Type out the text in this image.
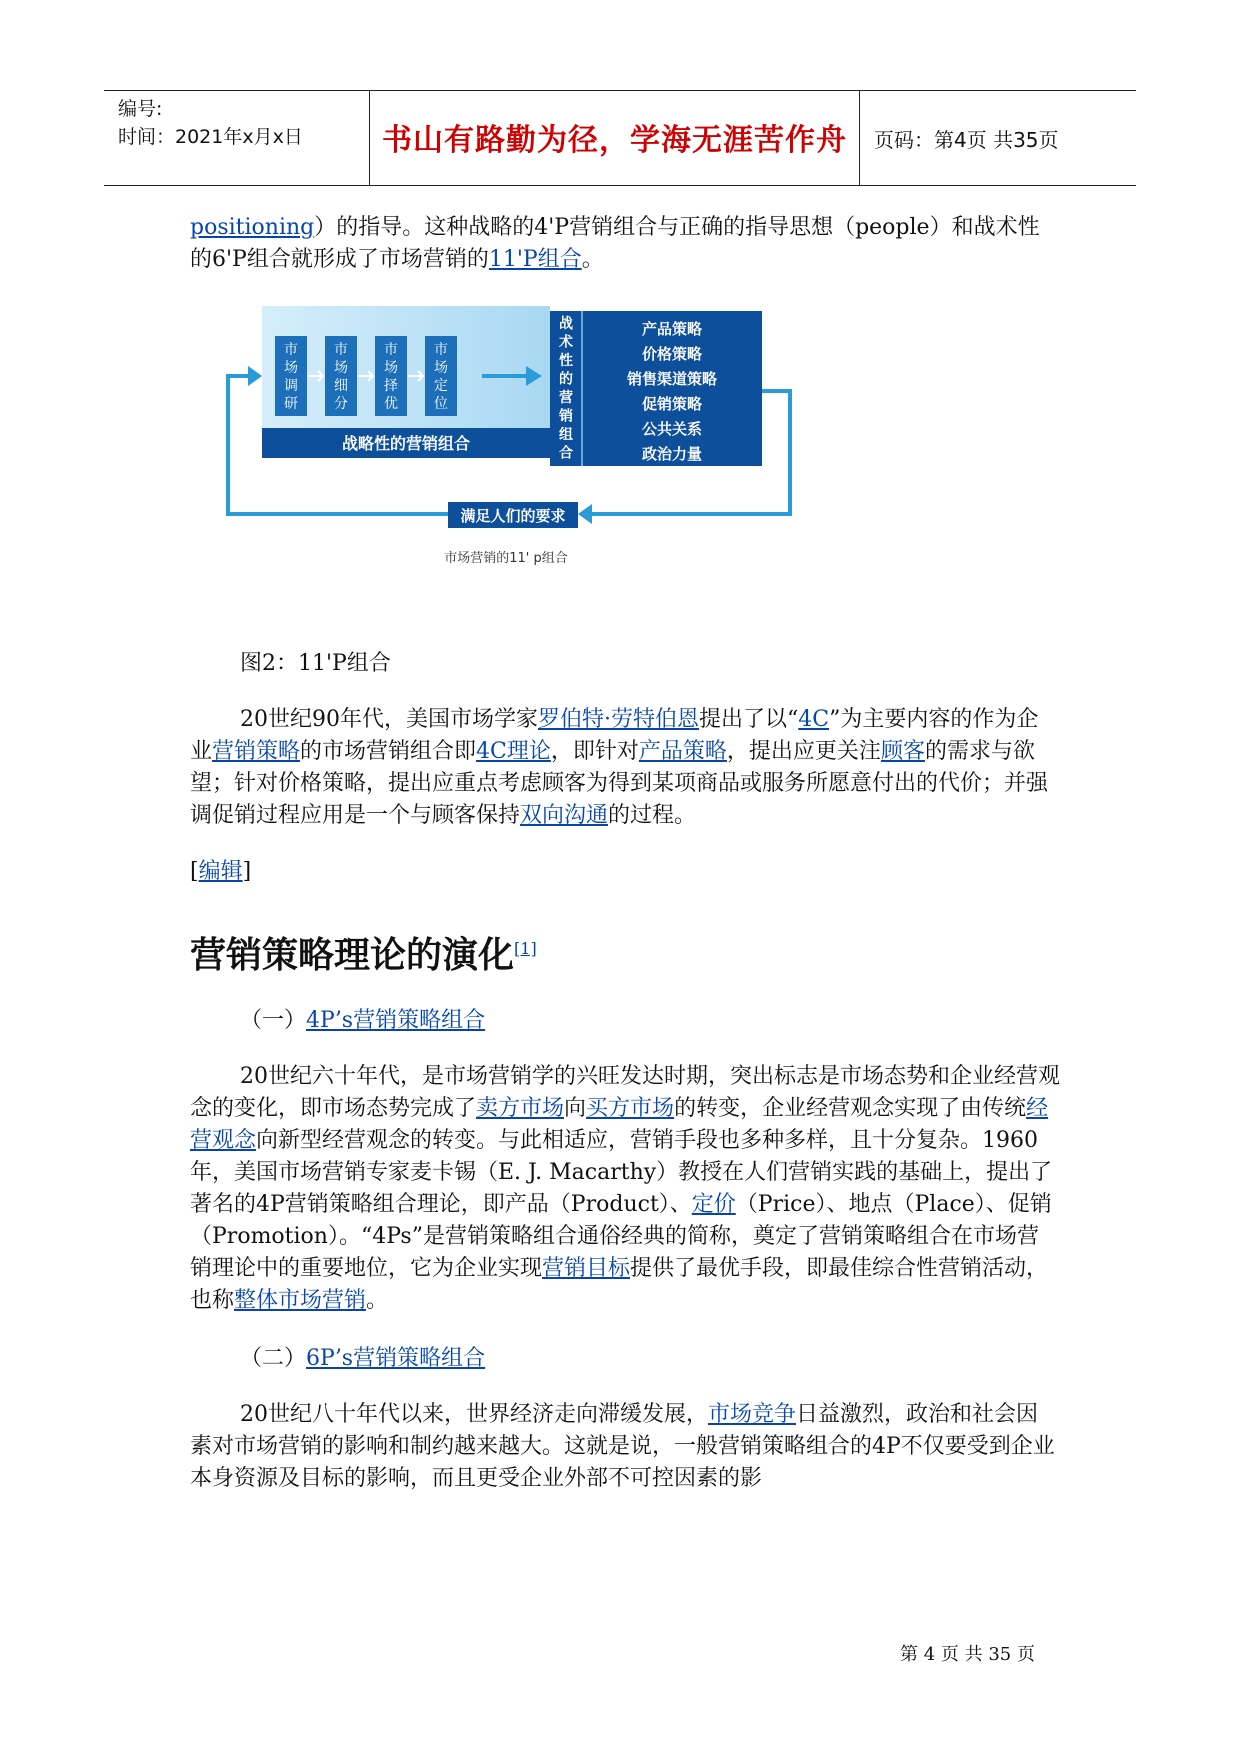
编号:
时间：2021年x月x日	书山有路勤为径，学海无涯苦作舟	页码：第4页 共35页

positioning）的指导。这种战略的4'P营销组合与正确的指导思想（people）和战术性的6'P组合就形成了市场营销的11'P组合。

战略性的营销组合
市场调研
市场细分
市场择优
市场定位
战术性的营销组合
产品策略
价格策略
销售渠道策略
促销策略
公共关系
政治力量
满足人们的要求
市场营销的11' p组合

图2：11'P组合

20世纪90年代，美国市场学家罗伯特·劳特伯恩提出了以“4C”为主要内容的作为企业营销策略的市场营销组合即4C理论，即针对产品策略，提出应更关注顾客的需求与欲望；针对价格策略，提出应重点考虑顾客为得到某项商品或服务所愿意付出的代价；并强调促销过程应用是一个与顾客保持双向沟通的过程。

[编辑]

营销策略理论的演化[1]

（一）4P’s营销策略组合

20世纪六十年代，是市场营销学的兴旺发达时期，突出标志是市场态势和企业经营观念的变化，即市场态势完成了卖方市场向买方市场的转变，企业经营观念实现了由传统经营观念向新型经营观念的转变。与此相适应，营销手段也多种多样，且十分复杂。1960年，美国市场营销专家麦卡锡（E. J. Macarthy）教授在人们营销实践的基础上，提出了著名的4P营销策略组合理论，即产品（Product）、定价（Price）、地点（Place）、促销（Promotion）。“4Ps”是营销策略组合通俗经典的简称，奠定了营销策略组合在市场营销理论中的重要地位，它为企业实现营销目标提供了最优手段，即最佳综合性营销活动，也称整体市场营销。

（二）6P’s营销策略组合

20世纪八十年代以来，世界经济走向滞缓发展，市场竞争日益激烈，政治和社会因素对市场营销的影响和制约越来越大。这就是说，一般营销策略组合的4P不仅要受到企业本身资源及目标的影响，而且更受企业外部不可控因素的影

第 4 页 共 35 页
